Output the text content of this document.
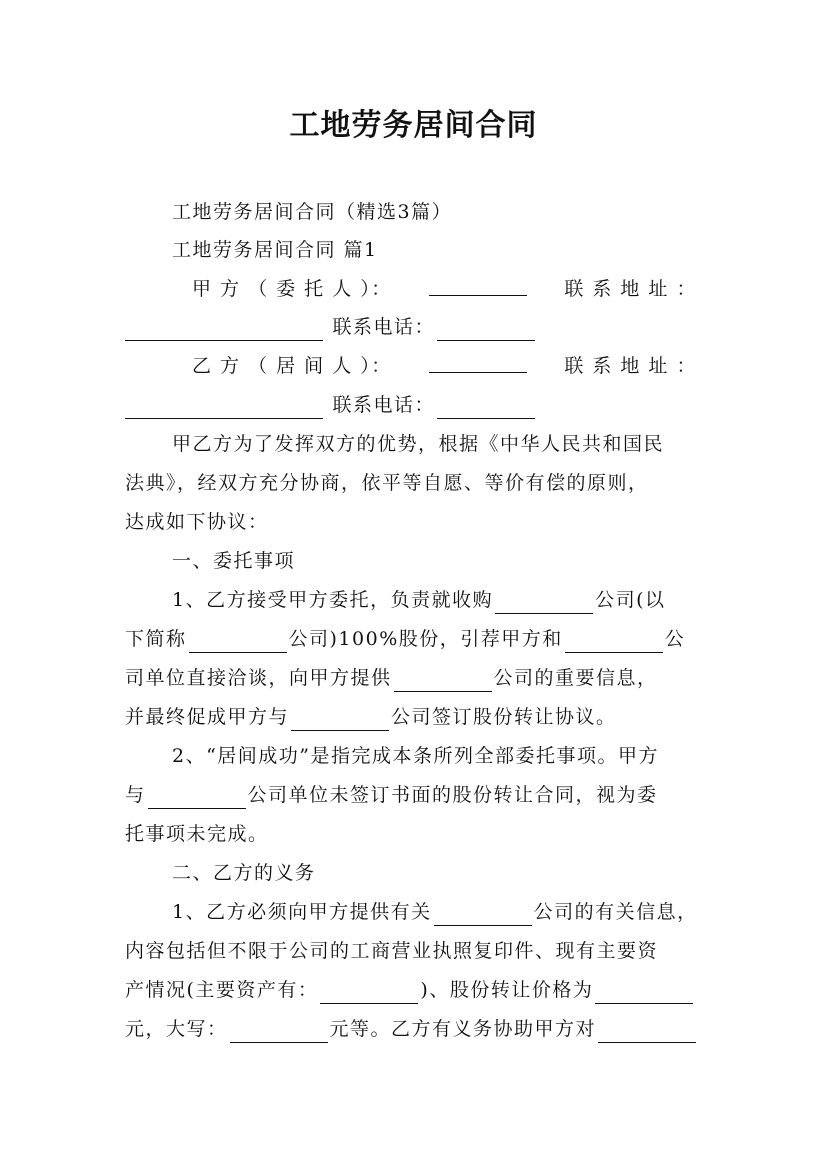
工地劳务居间合同
工地劳务居间合同（精选3篇）
工地劳务居间合同 篇1
甲 方 （ 委 托 人 ）：	联 系 地 址 ：
联系电话：
乙 方 （ 居 间 人 ）：	联 系 地 址 ：
联系电话：
甲乙方为了发挥双方的优势，根据《中华人民共和国民
法典》，经双方充分协商，依平等自愿、等价有偿的原则，
达成如下协议：
一、委托事项
1、乙方接受甲方委托，负责就收购	公司(以
下简称	公司)100%股份，引荐甲方和	公
司单位直接洽谈，向甲方提供	公司的重要信息，
并最终促成甲方与	公司签订股份转让协议。
2、“居间成功”是指完成本条所列全部委托事项。甲方
与	公司单位未签订书面的股份转让合同，视为委
托事项未完成。
二、乙方的义务
1、乙方必须向甲方提供有关	公司的有关信息，
内容包括但不限于公司的工商营业执照复印件、现有主要资
产情况(主要资产有：	)、股份转让价格为
元，大写：	元等。乙方有义务协助甲方对
